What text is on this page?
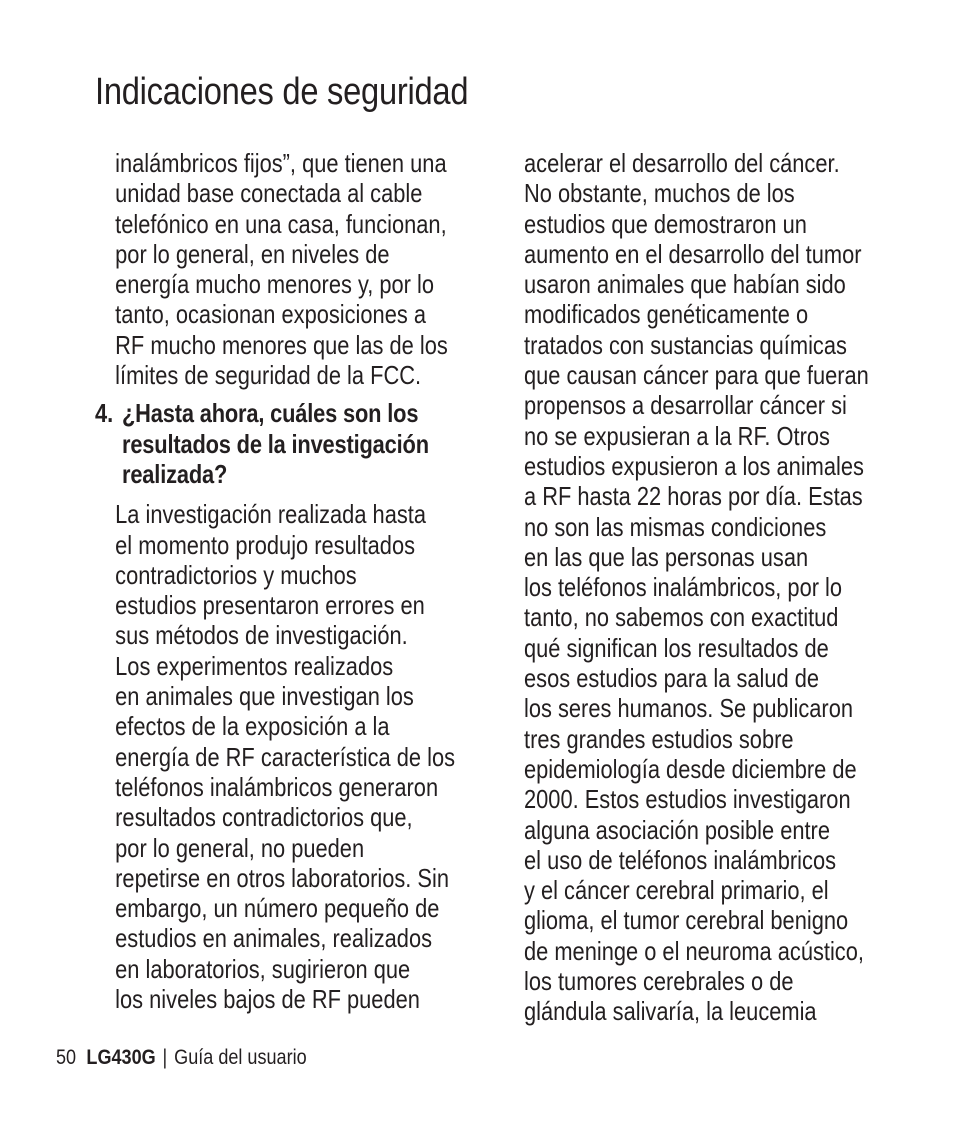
Indicaciones de seguridad
inalámbricos fijos”, que tienen una
unidad base conectada al cable
telefónico en una casa, funcionan,
por lo general, en niveles de
energía mucho menores y, por lo
tanto, ocasionan exposiciones a
RF mucho menores que las de los
límites de seguridad de la FCC.
4. ¿Hasta ahora, cuáles son los
resultados de la investigación
realizada?
La investigación realizada hasta
el momento produjo resultados
contradictorios y muchos
estudios presentaron errores en
sus métodos de investigación.
Los experimentos realizados
en animales que investigan los
efectos de la exposición a la
energía de RF característica de los
teléfonos inalámbricos generaron
resultados contradictorios que,
por lo general, no pueden
repetirse en otros laboratorios. Sin
embargo, un número pequeño de
estudios en animales, realizados
en laboratorios, sugirieron que
los niveles bajos de RF pueden
acelerar el desarrollo del cáncer.
No obstante, muchos de los
estudios que demostraron un
aumento en el desarrollo del tumor
usaron animales que habían sido
modificados genéticamente o
tratados con sustancias químicas
que causan cáncer para que fueran
propensos a desarrollar cáncer si
no se expusieran a la RF. Otros
estudios expusieron a los animales
a RF hasta 22 horas por día. Estas
no son las mismas condiciones
en las que las personas usan
los teléfonos inalámbricos, por lo
tanto, no sabemos con exactitud
qué significan los resultados de
esos estudios para la salud de
los seres humanos. Se publicaron
tres grandes estudios sobre
epidemiología desde diciembre de
2000. Estos estudios investigaron
alguna asociación posible entre
el uso de teléfonos inalámbricos
y el cáncer cerebral primario, el
glioma, el tumor cerebral benigno
de meninge o el neuroma acústico,
los tumores cerebrales o de
glándula salivaría, la leucemia
50 LG430G | Guía del usuario
